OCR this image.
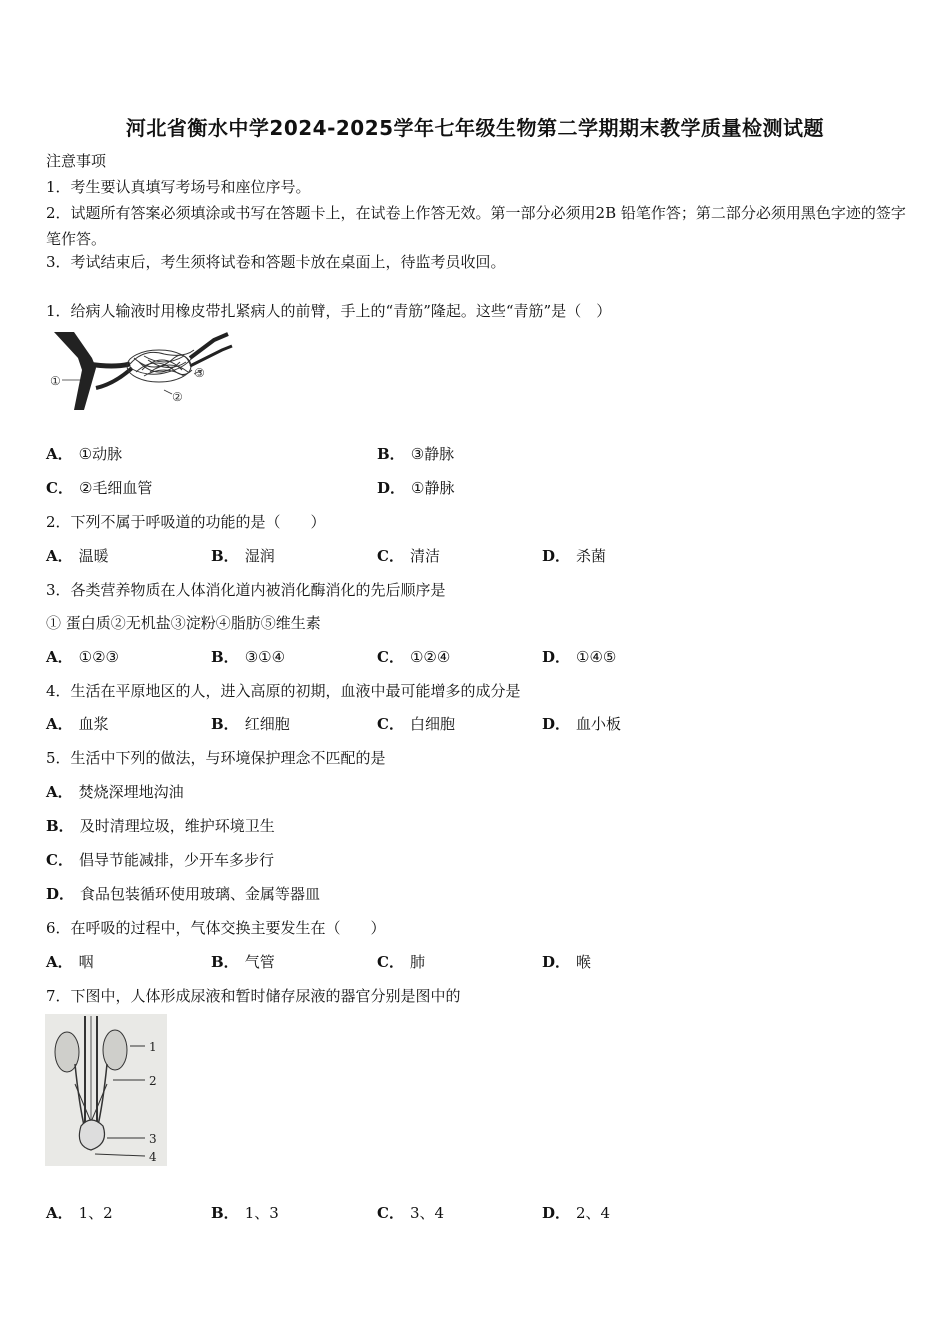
河北省衡水中学2024-2025学年七年级生物第二学期期末教学质量检测试题
注意事项
1．考生要认真填写考场号和座位序号。
2．试题所有答案必须填涂或书写在答题卡上，在试卷上作答无效。第一部分必须用2B 铅笔作答；第二部分必须用黑色字迹的签字笔作答。
3．考试结束后，考生须将试卷和答题卡放在桌面上，待监考员收回。
1．给病人输液时用橡皮带扎紧病人的前臂，手上的“青筋”隆起。这些“青筋”是（　）
①
②
③
A． ①动脉	B． ③静脉
C． ②毛细血管	D． ①静脉
2．下列不属于呼吸道的功能的是（　　）
A． 温暖	B． 湿润	C． 清洁	D． 杀菌
3．各类营养物质在人体消化道内被消化酶消化的先后顺序是
① 蛋白质②无机盐③淀粉④脂肪⑤维生素
A． ①②③	B． ③①④	C． ①②④	D． ①④⑤
4．生活在平原地区的人，进入高原的初期，血液中最可能增多的成分是
A． 血浆	B． 红细胞	C． 白细胞	D． 血小板
5．生活中下列的做法，与环境保护理念不匹配的是
A． 焚烧深埋地沟油
B． 及时清理垃圾，维护环境卫生
C． 倡导节能减排，少开车多步行
D． 食品包装循环使用玻璃、金属等器皿
6．在呼吸的过程中，气体交换主要发生在（　　）
A． 咽	B． 气管	C． 肺	D． 喉
7．下图中，人体形成尿液和暂时储存尿液的器官分别是图中的
1
2
3
4
A． 1、2	B． 1、3	C． 3、4	D． 2、4
